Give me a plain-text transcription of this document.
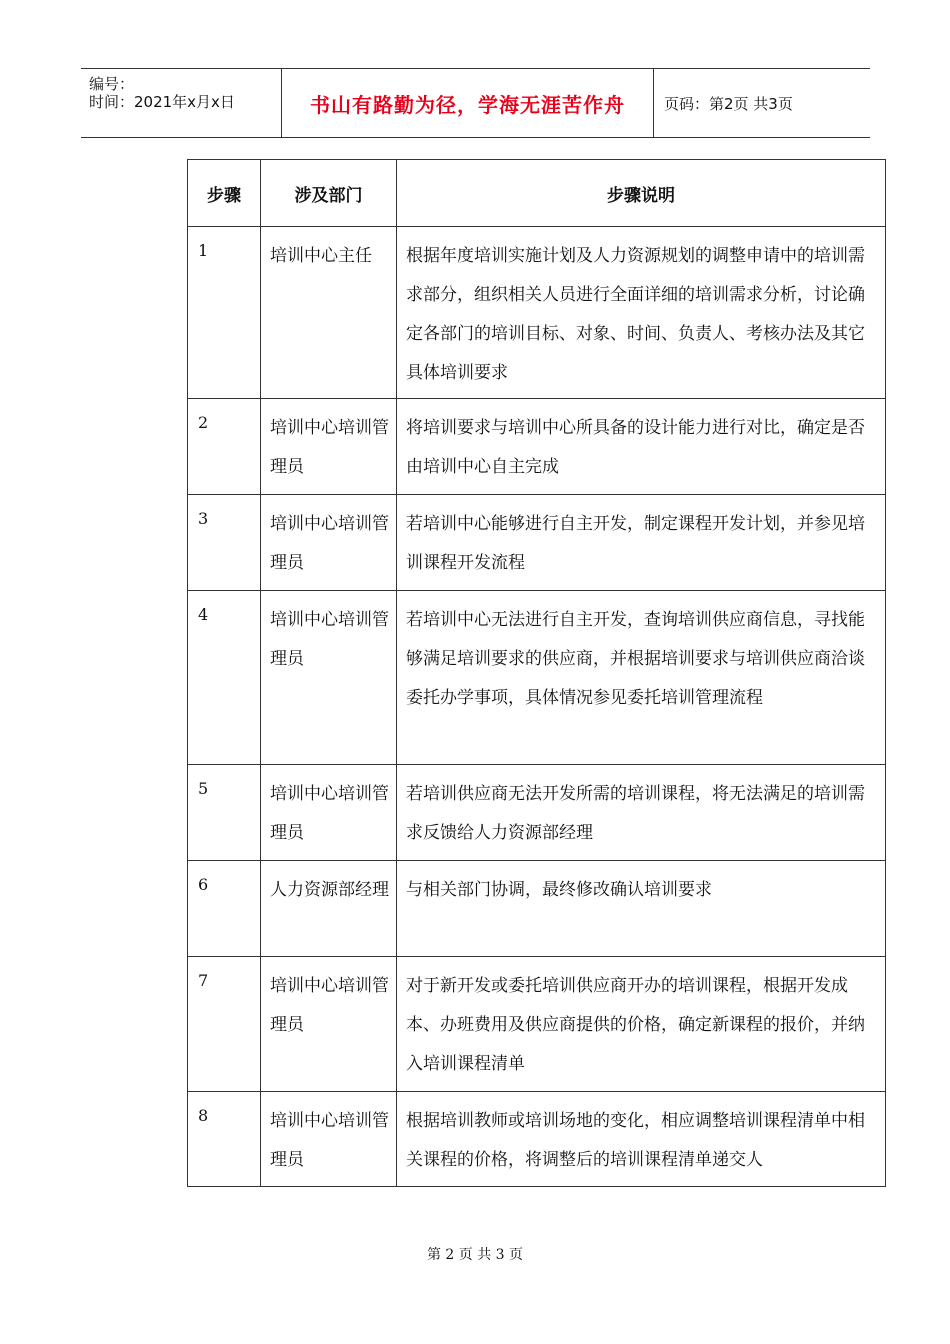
编号：
时间：2021年x月x日	书山有路勤为径，学海无涯苦作舟	页码：第2页 共3页
步骤	涉及部门	步骤说明
1	培训中心主任	根据年度培训实施计划及人力资源规划的调整申请中的培训需求部分，组织相关人员进行全面详细的培训需求分析，讨论确定各部门的培训目标、对象、时间、负责人、考核办法及其它具体培训要求
2	培训中心培训管理员	将培训要求与培训中心所具备的设计能力进行对比，确定是否由培训中心自主完成
3	培训中心培训管理员	若培训中心能够进行自主开发，制定课程开发计划，并参见培训课程开发流程
4	培训中心培训管理员	若培训中心无法进行自主开发，查询培训供应商信息，寻找能够满足培训要求的供应商，并根据培训要求与培训供应商洽谈委托办学事项，具体情况参见委托培训管理流程
5	培训中心培训管理员	若培训供应商无法开发所需的培训课程，将无法满足的培训需求反馈给人力资源部经理
6	人力资源部经理	与相关部门协调，最终修改确认培训要求
7	培训中心培训管理员	对于新开发或委托培训供应商开办的培训课程，根据开发成本、办班费用及供应商提供的价格，确定新课程的报价，并纳入培训课程清单
8	培训中心培训管理员	根据培训教师或培训场地的变化，相应调整培训课程清单中相关课程的价格，将调整后的培训课程清单递交人
第 2 页 共 3 页
